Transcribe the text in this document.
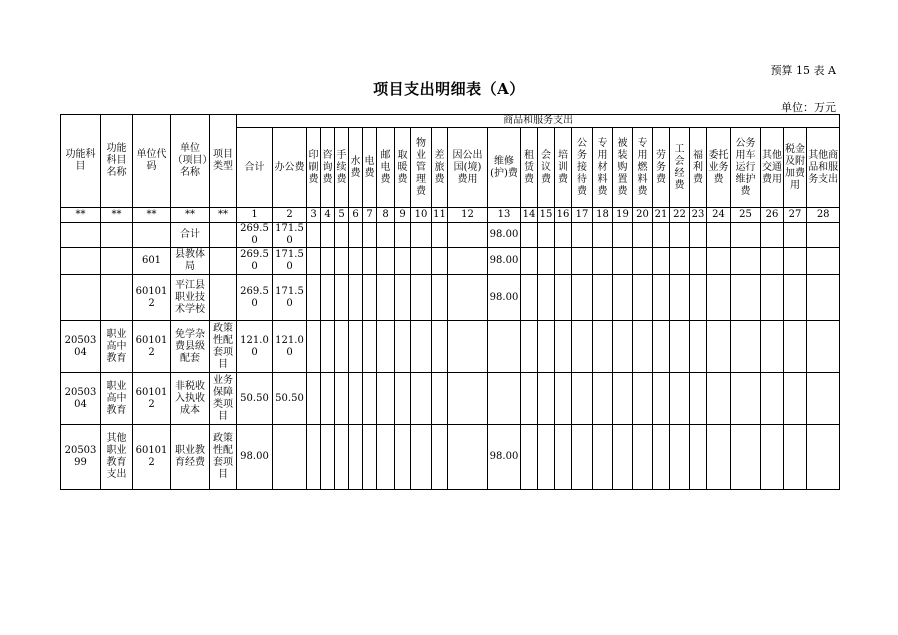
预算 15 表 A
项目支出明细表（A）
单位：万元
功能科目	功能科目名称	单位代码	单位（项目）名称	项目类型	商品和服务支出																											
					合计	办公费	印刷费	咨询费	手续费	水费	电费	邮电费	取暖费	物业管理费	差旅费	因公出国(境)费用	维修(护)费	租赁费	会议费	培训费	公务接待费	专用材料费	被装购置费	专用燃料费	劳务费	工会经费	福利费	委托业务费	公务用车运行维护费	其他交通费用	税金及附加费用	其他商品和服务支出
**	**	**	**	**	1	2	3	4	5	6	7	8	9	10	11	12	13	14	15	16	17	18	19	20	21	22	23	24	25	26	27	28
			合计		269.50	171.50											98.00															
		601	县教体局		269.50	171.50											98.00															
		601012	平江县职业技术学校		269.50	171.50											98.00															
2050304	职业高中教育	601012	免学杂费县级配套	政策性配套项目	121.00	121.00																										
2050304	职业高中教育	601012	非税收入执收成本	业务保障类项目	50.50	50.50																										
2050399	其他职业教育支出	601012	职业教育经费	政策性配套项目	98.00												98.00															
